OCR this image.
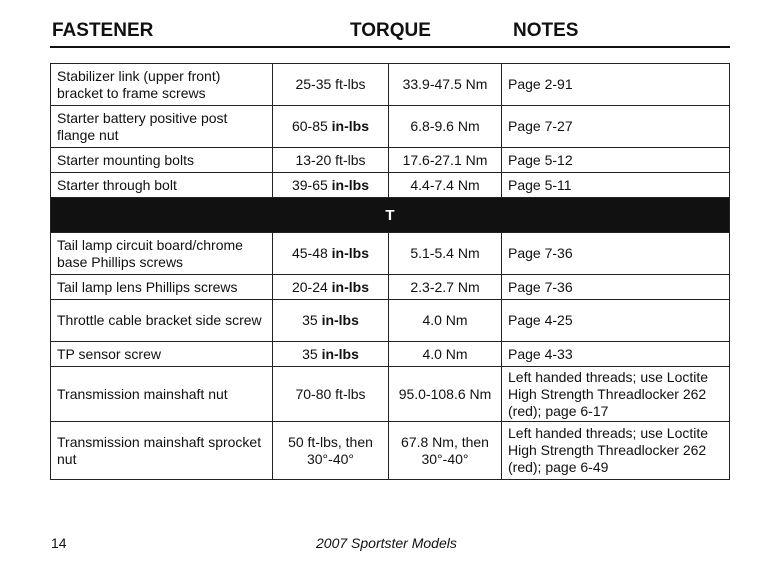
FASTENER	TORQUE	NOTES
Stabilizer link (upper front) bracket to frame screws	25-35 ft-lbs	33.9-47.5 Nm	Page 2-91
Starter battery positive post flange nut	60-85 in-lbs	6.8-9.6 Nm	Page 7-27
Starter mounting bolts	13-20 ft-lbs	17.6-27.1 Nm	Page 5-12
Starter through bolt	39-65 in-lbs	4.4-7.4 Nm	Page 5-11
T			
Tail lamp circuit board/chrome base Phillips screws	45-48 in-lbs	5.1-5.4 Nm	Page 7-36
Tail lamp lens Phillips screws	20-24 in-lbs	2.3-2.7 Nm	Page 7-36
Throttle cable bracket side screw	35 in-lbs	4.0 Nm	Page 4-25
TP sensor screw	35 in-lbs	4.0 Nm	Page 4-33
Transmission mainshaft nut	70-80 ft-lbs	95.0-108.6 Nm	Left handed threads; use Loctite High Strength Threadlocker 262 (red); page 6-17
Transmission mainshaft sprocket nut	50 ft-lbs, then 30°-40°	67.8 Nm, then 30°-40°	Left handed threads; use Loctite High Strength Threadlocker 262 (red); page 6-49
14	2007 Sportster Models
